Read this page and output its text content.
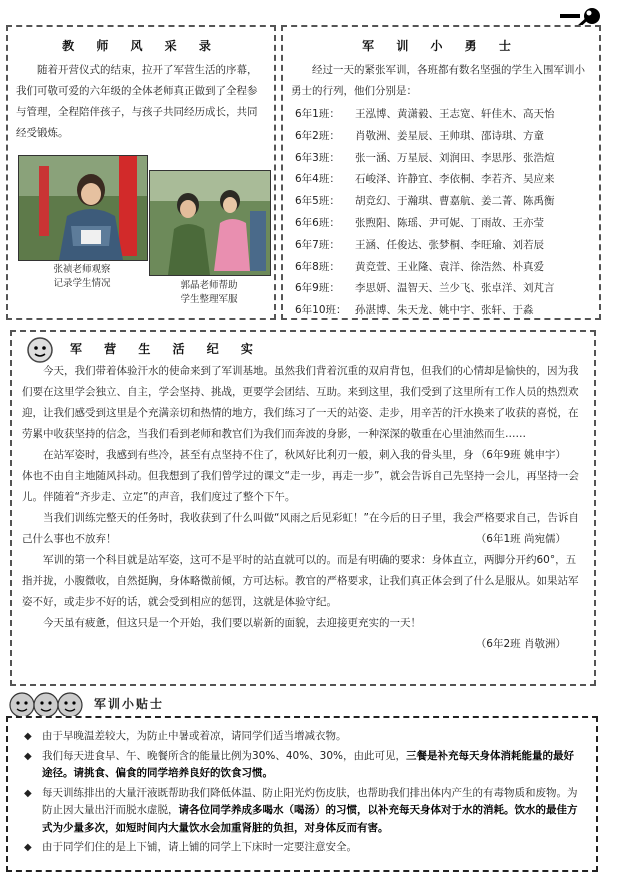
教 师 风 采 录

随着开营仪式的结束，拉开了军营生活的序幕，我们可敬可爱的六年级的全体老师真正做到了全程参与管理，全程陪伴孩子，与孩子共同经历成长，共同经受锻炼。

张祯老师观察
记录学生情况	郭晶老师帮助
学生整理军服
军 训 小 勇 士

经过一天的紧张军训，各班都有数名坚强的学生入围军训小勇士的行列，他们分别是：

6年1班：	王泓博、黄潇毅、王志宽、轩佳木、高天怡
6年2班：	肖敬洲、姜星辰、王帅琪、邵诗琪、方童
6年3班：	张一涵、万星辰、刘润田、李思彤、张浩煊
6年4班：	石峻泽、许静宜、李依桐、李若齐、吴应来
6年5班：	胡竞幻、于瀚琪、曹嘉航、姜二菁、陈禹衡
6年6班：	张煦阳、陈瑶、尹可妮、丁雨故、王亦莹
6年7班：	王涵、任俊达、张梦桐、李旺瑜、刘若辰
6年8班：	黄竞萱、王业隆、袁洋、徐浩然、朴真爱
6年9班：	李思妍、温智天、兰少飞、张卓洋、刘芃言
6年10班： 孙湛博、朱天龙、姚中宇、张轩、于淼
军 营 生 活 纪 实

今天，我们带着体验汗水的使命来到了军训基地。虽然我们背着沉重的双肩背包，但我们的心情却是愉快的，因为我们要在这里学会独立、自主，学会坚持、挑战，更要学会团结、互助。来到这里，我们受到了这里所有工作人员的热烈欢迎，让我们感受到这里是个充满亲切和热情的地方，我们练习了一天的站姿、走步，用辛苦的汗水换来了收获的喜悦，在劳累中收获坚持的信念，当我们看到老师和教官们为我们而奔波的身影，一种深深的敬重在心里油然而生……
（6年9班 姚申宇）

在站军姿时，我感到有些冷，甚至有点坚持不住了，秋风好比利刃一般，刺入我的骨头里，身体也不由自主地随风抖动。但我想到了我们曾学过的课文“走一步，再走一步”，就会告诉自己先坚持一会儿，再坚持一会儿。伴随着“齐步走、立定”的声音，我们度过了整个下午。

当我们训练完整天的任务时，我收获到了什么叫做“风雨之后见彩虹！”在今后的日子里，我会严格要求自己，告诉自己什么事也不放弃！	（6年1班 尚宛儒）

军训的第一个科目就是站军姿，这可不是平时的站直就可以的。而是有明确的要求：身体直立，两脚分开约60°，五指并拢，小腹微收，自然挺胸，身体略微前倾，方可达标。教官的严格要求，让我们真正体会到了什么是服从。如果站军姿不好，或走步不好的话，就会受到相应的惩罚，这就是体验守纪。

今天虽有疲惫，但这只是一个开始，我们要以崭新的面貌，去迎接更充实的一天！

（6年2班 肖敬洲）

军训小贴士
◆ 由于早晚温差较大，为防止中暑或着凉，请同学们适当增减衣物。
◆ 我们每天进食早、午、晚餐所含的能量比例为30%、40%、30%，由此可见，三餐是补充每天身体消耗能量的最好途径。请挑食、偏食的同学培养良好的饮食习惯。
◆ 每天训练排出的大量汗液既帮助我们降低体温、防止阳光灼伤皮肤，也帮助我们排出体内产生的有毒物质和废物。为防止因大量出汗而脱水虚脱，请各位同学养成多喝水（喝汤）的习惯，以补充每天身体对于水的消耗。饮水的最佳方式为少量多次，如短时间内大量饮水会加重肾脏的负担，对身体反而有害。
◆ 由于同学们住的是上下铺，请上铺的同学上下床时一定要注意安全。
